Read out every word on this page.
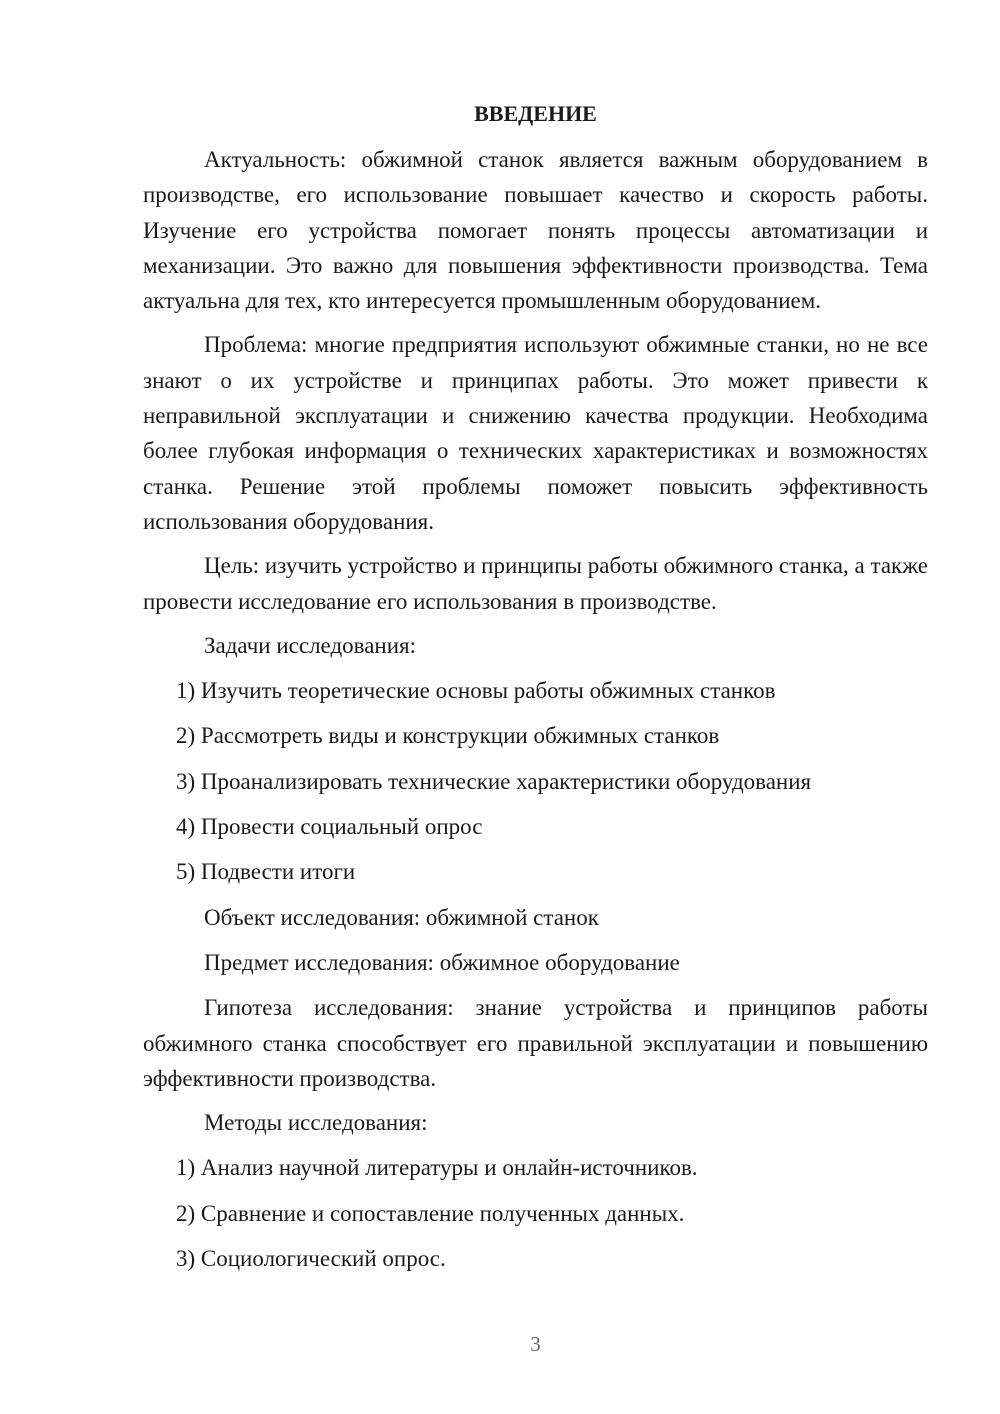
ВВЕДЕНИЕ

Актуальность: обжимной станок является важным оборудованием в производстве, его использование повышает качество и скорость работы. Изучение его устройства помогает понять процессы автоматизации и механизации. Это важно для повышения эффективности производства. Тема актуальна для тех, кто интересуется промышленным оборудованием.

Проблема: многие предприятия используют обжимные станки, но не все знают о их устройстве и принципах работы. Это может привести к неправильной эксплуатации и снижению качества продукции. Необходима более глубокая информация о технических характеристиках и возможностях станка. Решение этой проблемы поможет повысить эффективность использования оборудования.

Цель: изучить устройство и принципы работы обжимного станка, а также провести исследование его использования в производстве.

Задачи исследования:

1) Изучить теоретические основы работы обжимных станков

2) Рассмотреть виды и конструкции обжимных станков

3) Проанализировать технические характеристики оборудования

4) Провести социальный опрос

5) Подвести итоги

Объект исследования: обжимной станок

Предмет исследования: обжимное оборудование

Гипотеза исследования: знание устройства и принципов работы обжимного станка способствует его правильной эксплуатации и повышению эффективности производства.

Методы исследования:

1) Анализ научной литературы и онлайн-источников.

2) Сравнение и сопоставление полученных данных.

3) Социологический опрос.

3
